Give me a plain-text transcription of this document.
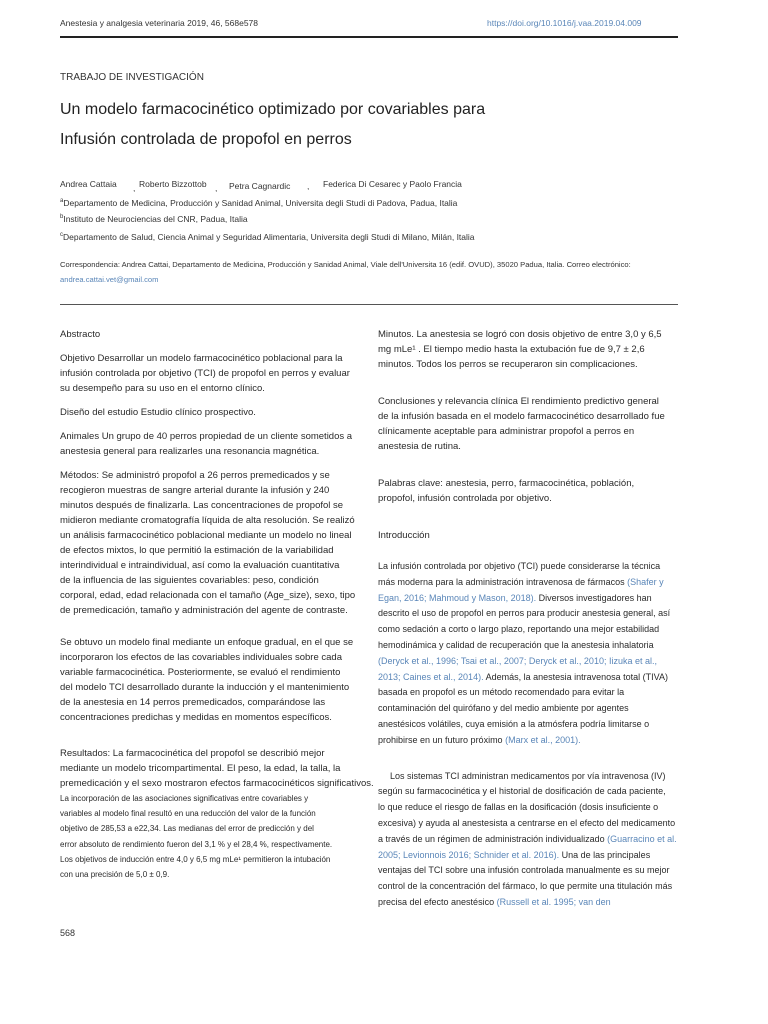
Anestesia y analgesia veterinaria 2019, 46, 568e578	https://doi.org/10.1016/j.vaa.2019.04.009
TRABAJO DE INVESTIGACIÓN
Un modelo farmacocinético optimizado por covariables para
Infusión controlada de propofol en perros
Andrea Cattaia , Roberto Bizzottob , Petra Cagnardic , Federica Di Cesarec y Paolo Francia
$^a$Departamento de Medicina, Producción y Sanidad Animal, Universita degli Studi di Padova, Padua, Italia
$^b$Instituto de Neurociencias del CNR, Padua, Italia
$^c$Departamento de Salud, Ciencia Animal y Seguridad Alimentaria, Universita degli Studi di Milano, Milán, Italia
Correspondencia: Andrea Cattai, Departamento de Medicina, Producción y Sanidad Animal, Viale dell'Universita 16 (edif. OVUD), 35020 Padua, Italia. Correo electrónico:
andrea.cattai.vet@gmail.com

Abstracto

Objetivo Desarrollar un modelo farmacocinético poblacional para la
infusión controlada por objetivo (TCI) de propofol en perros y evaluar
su desempeño para su uso en el entorno clínico.
Diseño del estudio Estudio clínico prospectivo.
Animales Un grupo de 40 perros propiedad de un cliente sometidos a
anestesia general para realizarles una resonancia magnética.
Métodos: Se administró propofol a 26 perros premedicados y se
recogieron muestras de sangre arterial durante la infusión y 240
minutos después de finalizarla. Las concentraciones de propofol se
midieron mediante cromatografía líquida de alta resolución. Se realizó
un análisis farmacocinético poblacional mediante un modelo no lineal
de efectos mixtos, lo que permitió la estimación de la variabilidad
interindividual e intraindividual, así como la evaluación cuantitativa
de la influencia de las siguientes covariables: peso, condición
corporal, edad, edad relacionada con el tamaño (Age_size), sexo, tipo
de premedicación, tamaño y administración del agente de contraste.
Se obtuvo un modelo final mediante un enfoque gradual, en el que se
incorporaron los efectos de las covariables individuales sobre cada
variable farmacocinética. Posteriormente, se evaluó el rendimiento
del modelo TCI desarrollado durante la inducción y el mantenimiento
de la anestesia en 14 perros premedicados, comparándose las
concentraciones predichas y medidas en momentos específicos.
Resultados: La farmacocinética del propofol se describió mejor
mediante un modelo tricompartimental. El peso, la edad, la talla, la
premedicación y el sexo mostraron efectos farmacocinéticos significativos.
La incorporación de las asociaciones significativas entre covariables y
variables al modelo final resultó en una reducción del valor de la función
objetivo de 285,53 a e22,34. Las medianas del error de predicción y del
error absoluto de rendimiento fueron del 3,1 % y el 28,4 %, respectivamente.
Los objetivos de inducción entre 4,0 y 6,5 mg mLe¹ permitieron la intubación
con una precisión de 5,0 ± 0,9.
Minutos. La anestesia se logró con dosis objetivo de entre 3,0 y 6,5
mg mLe¹ . El tiempo medio hasta la extubación fue de 9,7 ± 2,6
minutos. Todos los perros se recuperaron sin complicaciones.
Conclusiones y relevancia clínica El rendimiento predictivo general
de la infusión basada en el modelo farmacocinético desarrollado fue
clínicamente aceptable para administrar propofol a perros en
anestesia de rutina.
Palabras clave: anestesia, perro, farmacocinética, población,
propofol, infusión controlada por objetivo.

Introducción

La infusión controlada por objetivo (TCI) puede considerarse la técnica
más moderna para la administración intravenosa de fármacos (Shafer y
Egan, 2016; Mahmoud y Mason, 2018). Diversos investigadores han
descrito el uso de propofol en perros para producir anestesia general, así
como sedación a corto o largo plazo, reportando una mejor estabilidad
hemodinámica y calidad de recuperación que la anestesia inhalatoria
(Deryck et al., 1996; Tsai et al., 2007; Deryck et al., 2010; Iizuka et al.,
2013; Caines et al., 2014). Además, la anestesia intravenosa total (TIVA)
basada en propofol es un método recomendado para evitar la
contaminación del quirófano y del medio ambiente por agentes
anestésicos volátiles, cuya emisión a la atmósfera podría limitarse o
prohibirse en un futuro próximo (Marx et al., 2001).
Los sistemas TCI administran medicamentos por vía intravenosa (IV)
según su farmacocinética y el historial de dosificación de cada paciente,
lo que reduce el riesgo de fallas en la dosificación (dosis insuficiente o
excesiva) y ayuda al anestesista a centrarse en el efecto del medicamento
a través de un régimen de administración individualizado (Guarracino et al.
2005; Levionnois 2016; Schnider et al. 2016). Una de las principales
ventajas del TCI sobre una infusión controlada manualmente es su mejor
control de la concentración del fármaco, lo que permite una titulación más
precisa del efecto anestésico (Russell et al. 1995; van den
568
